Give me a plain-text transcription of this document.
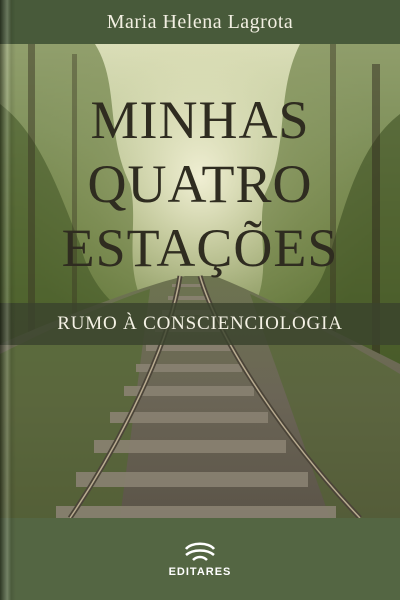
Maria Helena Lagrota
MINHAS
QUATRO
ESTAÇÕES
RUMO À CONSCIENCIOLOGIA
EDITARES
